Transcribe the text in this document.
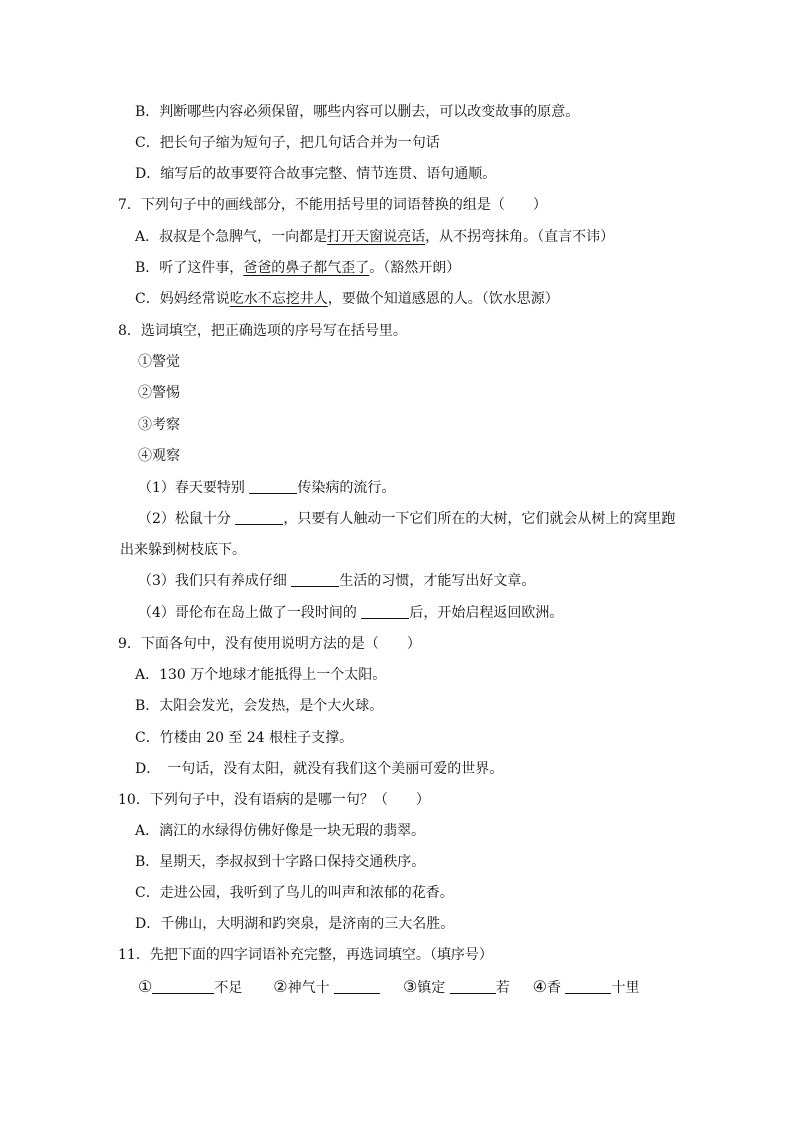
B．判断哪些内容必须保留，哪些内容可以删去，可以改变故事的原意。
C．把长句子缩为短句子，把几句话合并为一句话
D．缩写后的故事要符合故事完整、情节连贯、语句通顺。
7．下列句子中的画线部分，不能用括号里的词语替换的组是（　　）
A．叔叔是个急脾气，一向都是打开天窗说亮话，从不拐弯抹角。（直言不讳）
B．听了这件事，爸爸的鼻子都气歪了。（豁然开朗）
C．妈妈经常说吃水不忘挖井人，要做个知道感恩的人。（饮水思源）
8．选词填空，把正确选项的序号写在括号里。
①警觉
②警惕
③考察
④观察
（1）春天要特别	传染病的流行。
（2）松鼠十分	，只要有人触动一下它们所在的大树，它们就会从树上的窝里跑
出来躲到树枝底下。
（3）我们只有养成仔细	生活的习惯，才能写出好文章。
（4）哥伦布在岛上做了一段时间的	后，开始启程返回欧洲。
9．下面各句中，没有使用说明方法的是（　　）
A．130 万个地球才能抵得上一个太阳。
B．太阳会发光，会发热，是个大火球。
C．竹楼由 20 至 24 根柱子支撑。
D．　一句话，没有太阳，就没有我们这个美丽可爱的世界。
10．下列句子中，没有语病的是哪一句？（　　）
A．漓江的水绿得仿佛好像是一块无瑕的翡翠。
B．星期天，李叔叔到十字路口保持交通秩序。
C．走进公园，我听到了鸟儿的叫声和浓郁的花香。
D．千佛山，大明湖和趵突泉，是济南的三大名胜。
11．先把下面的四字词语补充完整，再选词填空。（填序号）
①	不足 ②神气十	③镇定	若 ④香	十里
